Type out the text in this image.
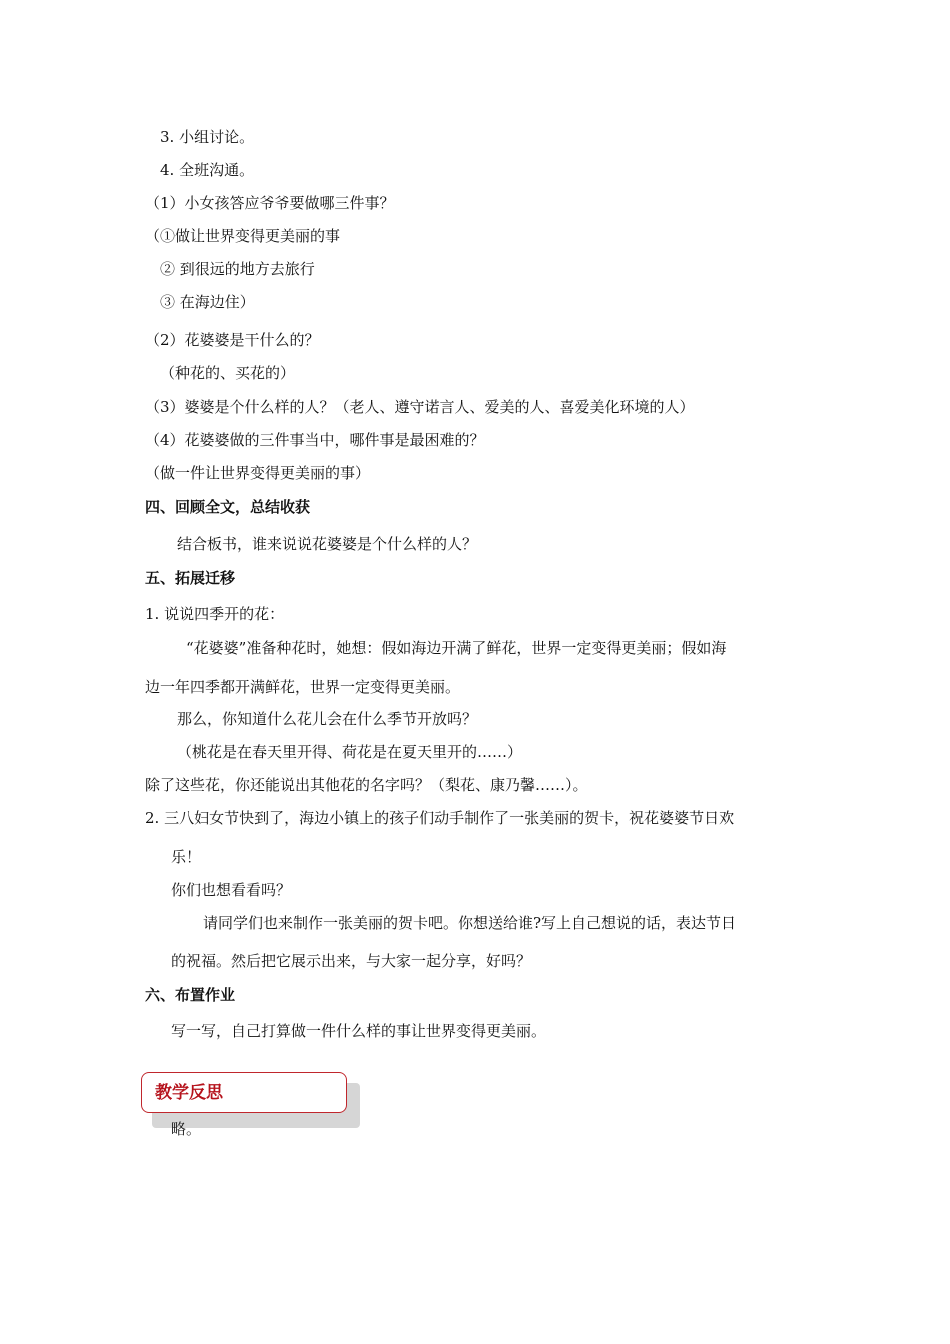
3. 小组讨论。
4. 全班沟通。
（1）小女孩答应爷爷要做哪三件事？
（①做让世界变得更美丽的事
② 到很远的地方去旅行
③ 在海边住）
（2）花婆婆是干什么的？
（种花的、买花的）
（3）婆婆是个什么样的人？（老人、遵守诺言人、爱美的人、喜爱美化环境的人）
（4）花婆婆做的三件事当中，哪件事是最困难的？
（做一件让世界变得更美丽的事）
四、回顾全文，总结收获
结合板书，谁来说说花婆婆是个什么样的人？
五、拓展迁移
1. 说说四季开的花：
“花婆婆”准备种花时，她想：假如海边开满了鲜花，世界一定变得更美丽；假如海
边一年四季都开满鲜花，世界一定变得更美丽。
那么，你知道什么花儿会在什么季节开放吗？
（桃花是在春天里开得、荷花是在夏天里开的……）
除了这些花，你还能说出其他花的名字吗？（梨花、康乃馨……）。
2. 三八妇女节快到了，海边小镇上的孩子们动手制作了一张美丽的贺卡，祝花婆婆节日欢
乐！
你们也想看看吗？
请同学们也来制作一张美丽的贺卡吧。你想送给谁?写上自己想说的话，表达节日
的祝福。然后把它展示出来，与大家一起分享，好吗？
六、布置作业
写一写，自己打算做一件什么样的事让世界变得更美丽。
教学反思
略。
